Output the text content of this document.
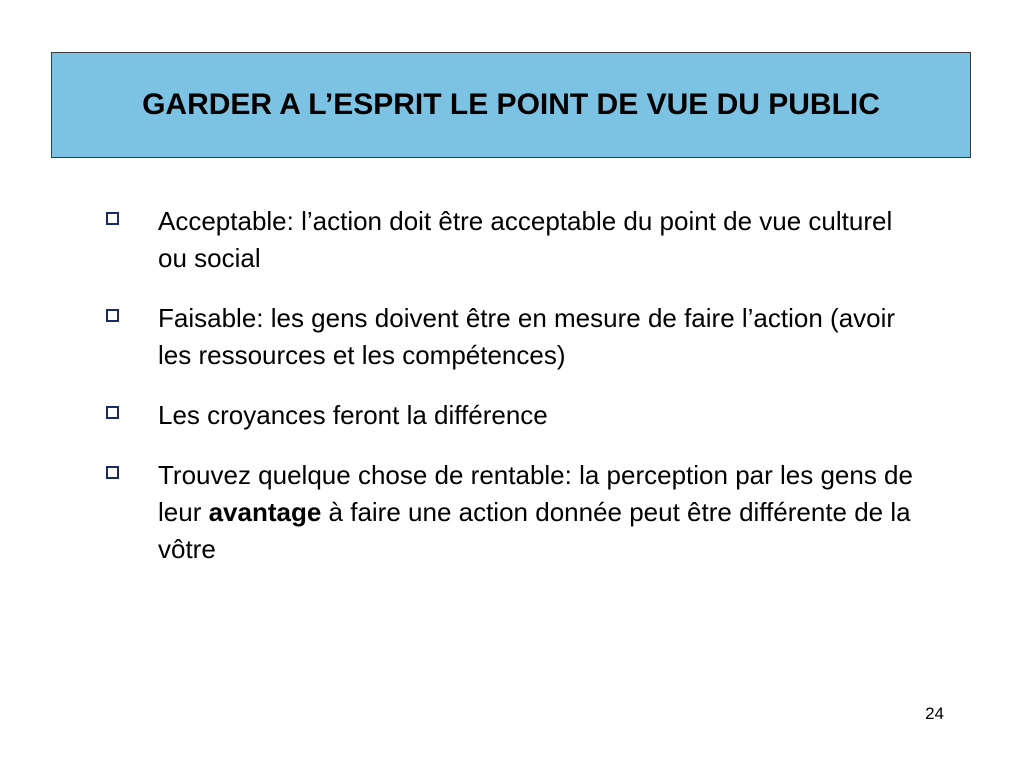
GARDER A L’ESPRIT LE POINT DE VUE DU PUBLIC
Acceptable: l’action doit être acceptable du point de vue culturel ou social
Faisable: les gens doivent être en mesure de faire l’action (avoir les ressources et les compétences)
Les croyances feront la différence
Trouvez quelque chose de rentable: la perception par les gens de leur avantage à faire une action donnée peut être différente de la vôtre
24
